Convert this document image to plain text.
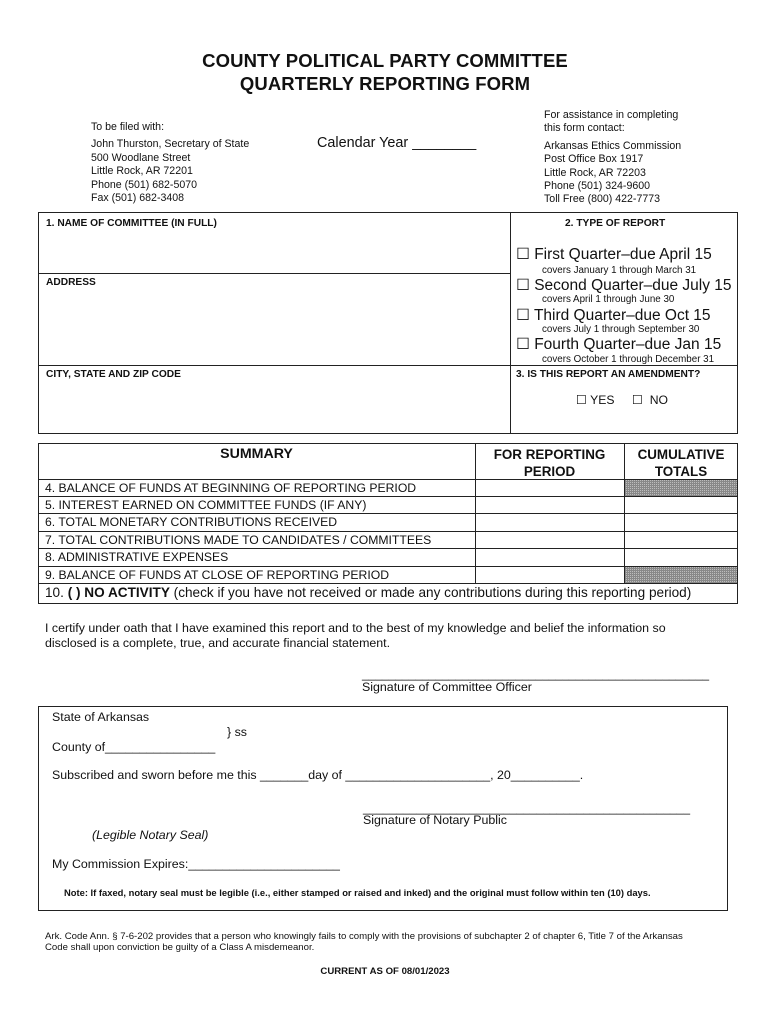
COUNTY POLITICAL PARTY COMMITTEE
QUARTERLY REPORTING FORM
To be filed with:
John Thurston, Secretary of State
500 Woodlane Street
Little Rock, AR 72201
Phone (501) 682-5070
Fax (501) 682-3408
Calendar Year ________
For assistance in completing
this form contact:
Arkansas Ethics Commission
Post Office Box 1917
Little Rock, AR 72203
Phone (501) 324-9600
Toll Free (800) 422-7773
1. NAME OF COMMITTEE (IN FULL)
ADDRESS
CITY, STATE AND ZIP CODE
2. TYPE OF REPORT
☐ First Quarter–due April 15
covers January 1 through March 31
☐ Second Quarter–due July 15
covers April 1 through June 30
☐ Third Quarter–due Oct 15
covers July 1 through September 30
☐ Fourth Quarter–due Jan 15
covers October 1 through December 31
3. IS THIS REPORT AN AMENDMENT?
☐ YES ☐ NO
SUMMARY	FOR REPORTING
PERIOD
CUMULATIVE
TOTALS
4. BALANCE OF FUNDS AT BEGINNING OF REPORTING PERIOD
5. INTEREST EARNED ON COMMITTEE FUNDS (IF ANY)
6. TOTAL MONETARY CONTRIBUTIONS RECEIVED
7. TOTAL CONTRIBUTIONS MADE TO CANDIDATES / COMMITTEES
8. ADMINISTRATIVE EXPENSES
9. BALANCE OF FUNDS AT CLOSE OF REPORTING PERIOD
10. ( ) NO ACTIVITY (check if you have not received or made any contributions during this reporting period)
I certify under oath that I have examined this report and to the best of my knowledge and belief the information so
disclosed is a complete, true, and accurate financial statement.
____________________________________________________
Signature of Committee Officer
State of Arkansas
} ss
County of________________
Subscribed and sworn before me this _______day of _____________________, 20__________.
_________________________________________________
Signature of Notary Public
(Legible Notary Seal)
My Commission Expires:______________________
Note: If faxed, notary seal must be legible (i.e., either stamped or raised and inked) and the original must follow within ten (10) days.
Ark. Code Ann. § 7-6-202 provides that a person who knowingly fails to comply with the provisions of subchapter 2 of chapter 6, Title 7 of the Arkansas
Code shall upon conviction be guilty of a Class A misdemeanor.
CURRENT AS OF 08/01/2023
